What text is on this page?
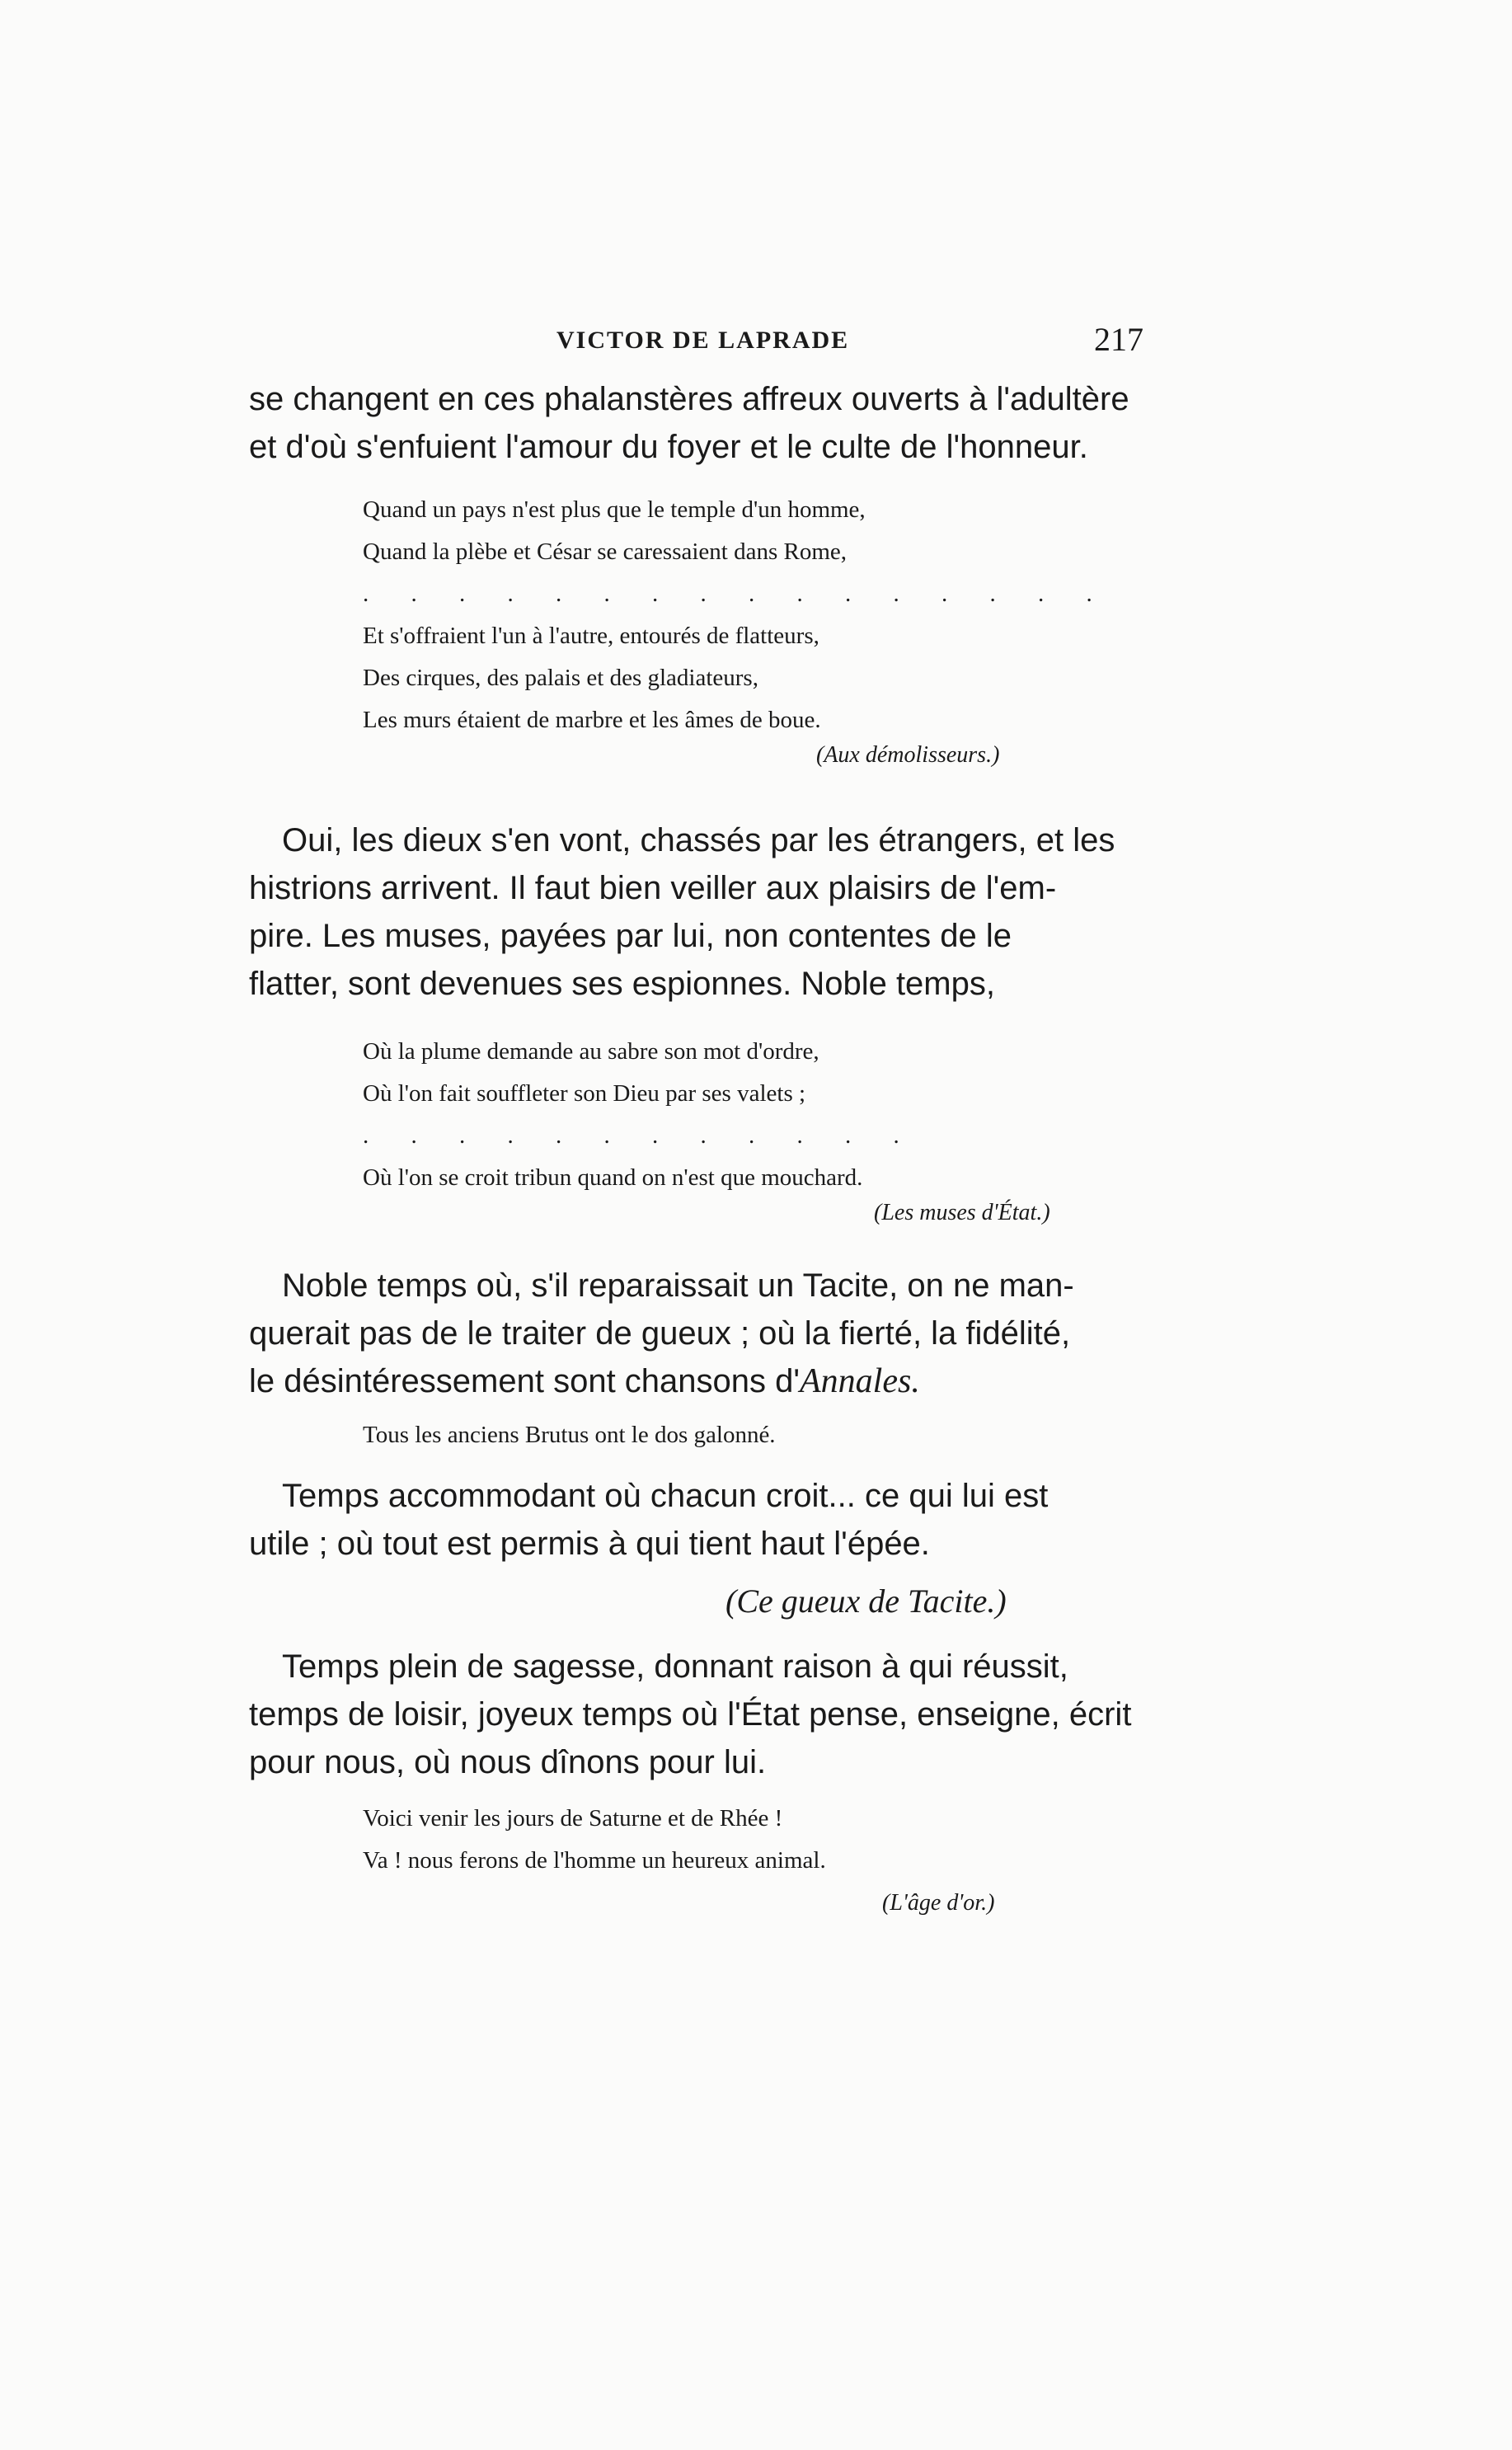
VICTOR DE LAPRADE	217
se changent en ces phalanstères affreux ouverts à l'adultère
et d'où s'enfuient l'amour du foyer et le culte de l'honneur.
Quand un pays n'est plus que le temple d'un homme,
Quand la plèbe et César se caressaient dans Rome,
. . . . . . . . . . . . . . . .
Et s'offraient l'un à l'autre, entourés de flatteurs,
Des cirques, des palais et des gladiateurs,
Les murs étaient de marbre et les âmes de boue.
(Aux démolisseurs.)
Oui, les dieux s'en vont, chassés par les étrangers, et les
histrions arrivent. Il faut bien veiller aux plaisirs de l'em-
pire. Les muses, payées par lui, non contentes de le
flatter, sont devenues ses espionnes. Noble temps,
Où la plume demande au sabre son mot d'ordre,
Où l'on fait souffleter son Dieu par ses valets ;
. . . . . . . . . . . .
Où l'on se croit tribun quand on n'est que mouchard.
(Les muses d'État.)
Noble temps où, s'il reparaissait un Tacite, on ne man-
querait pas de le traiter de gueux ; où la fierté, la fidélité,
le désintéressement sont chansons d'Annales.
Tous les anciens Brutus ont le dos galonné.
Temps accommodant où chacun croit... ce qui lui est
utile ; où tout est permis à qui tient haut l'épée.
(Ce gueux de Tacite.)
Temps plein de sagesse, donnant raison à qui réussit,
temps de loisir, joyeux temps où l'État pense, enseigne, écrit
pour nous, où nous dînons pour lui.
Voici venir les jours de Saturne et de Rhée !
Va ! nous ferons de l'homme un heureux animal.
(L'âge d'or.)
